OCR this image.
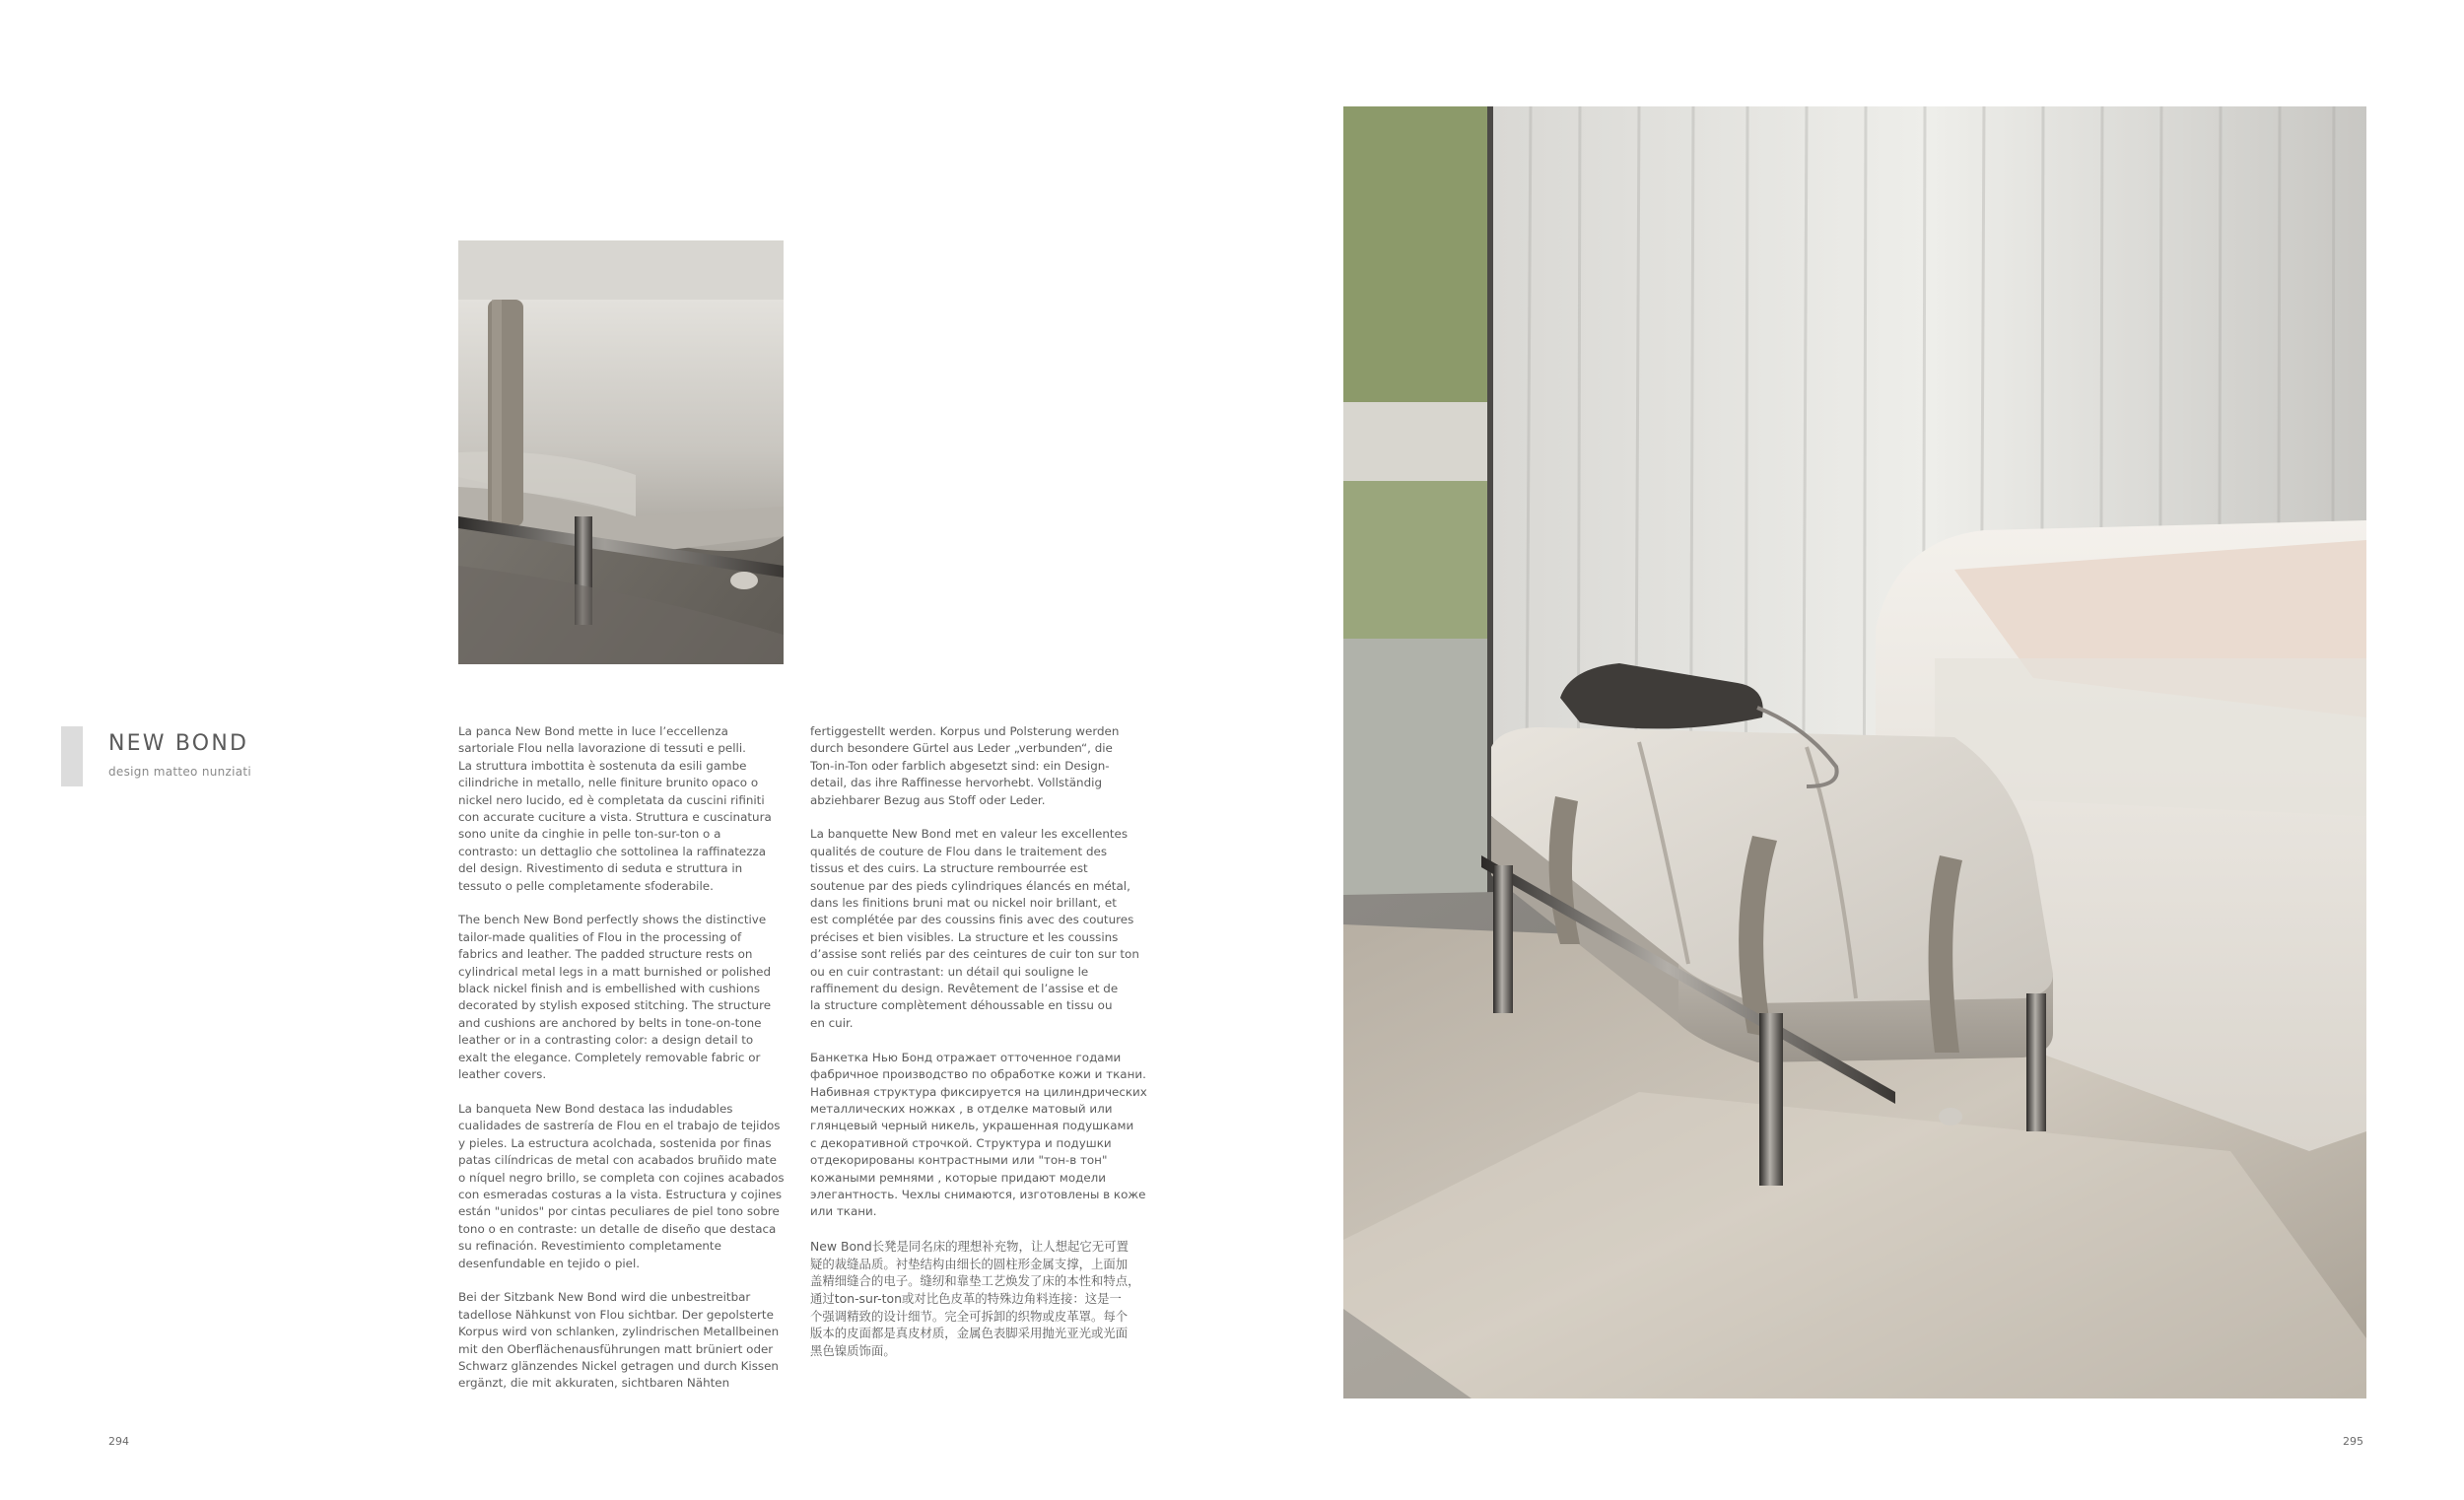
NEW BOND
design matteo nunziati

La panca New Bond mette in luce l’eccellenza
sartoriale Flou nella lavorazione di tessuti e pelli.
La struttura imbottita è sostenuta da esili gambe
cilindriche in metallo, nelle finiture brunito opaco o
nickel nero lucido, ed è completata da cuscini rifiniti
con accurate cuciture a vista. Struttura e cuscinatura
sono unite da cinghie in pelle ton-sur-ton o a
contrasto: un dettaglio che sottolinea la raffinatezza
del design. Rivestimento di seduta e struttura in
tessuto o pelle completamente sfoderabile.

The bench New Bond perfectly shows the distinctive
tailor-made qualities of Flou in the processing of
fabrics and leather. The padded structure rests on
cylindrical metal legs in a matt burnished or polished
black nickel finish and is embellished with cushions
decorated by stylish exposed stitching. The structure
and cushions are anchored by belts in tone-on-tone
leather or in a contrasting color: a design detail to
exalt the elegance. Completely removable fabric or
leather covers.

La banqueta New Bond destaca las indudables
cualidades de sastrería de Flou en el trabajo de tejidos
y pieles. La estructura acolchada, sostenida por finas
patas cilíndricas de metal con acabados bruñido mate
o níquel negro brillo, se completa con cojines acabados
con esmeradas costuras a la vista. Estructura y cojines
están "unidos" por cintas peculiares de piel tono sobre
tono o en contraste: un detalle de diseño que destaca
su refinación. Revestimiento completamente
desenfundable en tejido o piel.

Bei der Sitzbank New Bond wird die unbestreitbar
tadellose Nähkunst von Flou sichtbar. Der gepolsterte
Korpus wird von schlanken, zylindrischen Metallbeinen
mit den Oberflächenausführungen matt brüniert oder
Schwarz glänzendes Nickel getragen und durch Kissen
ergänzt, die mit akkuraten, sichtbaren Nähten

fertiggestellt werden. Korpus und Polsterung werden
durch besondere Gürtel aus Leder „verbunden“, die
Ton-in-Ton oder farblich abgesetzt sind: ein Design-
detail, das ihre Raffinesse hervorhebt. Vollständig
abziehbarer Bezug aus Stoff oder Leder.

La banquette New Bond met en valeur les excellentes
qualités de couture de Flou dans le traitement des
tissus et des cuirs. La structure rembourrée est
soutenue par des pieds cylindriques élancés en métal,
dans les finitions bruni mat ou nickel noir brillant, et
est complétée par des coussins finis avec des coutures
précises et bien visibles. La structure et les coussins
d’assise sont reliés par des ceintures de cuir ton sur ton
ou en cuir contrastant: un détail qui souligne le
raffinement du design. Revêtement de l’assise et de
la structure complètement déhoussable en tissu ou
en cuir.

Банкетка Нью Бонд отражает отточенное годами
фабричное производство по обработке кожи и ткани.
Набивная структура фиксируется на цилиндрических
металлических ножках , в отделке матовый или
глянцевый черный никель, украшенная подушками
с декоративной строчкой. Структура и подушки
отдекорированы контрастными или "тон-в тон"
кожаными ремнями , которые придают модели
элегантность. Чехлы снимаются, изготовлены в коже
или ткани.

New Bond长凳是同名床的理想补充物，让人想起它无可置
疑的裁缝品质。衬垫结构由细长的圆柱形金属支撑，上面加
盖精细缝合的电子。缝纫和靠垫工艺焕发了床的本性和特点，
通过ton-sur-ton或对比色皮革的特殊边角料连接：这是一
个强调精致的设计细节。完全可拆卸的织物或皮革罩。每个
版本的皮面都是真皮材质，金属色表脚采用抛光亚光或光面
黑色镍质饰面。

294	295
